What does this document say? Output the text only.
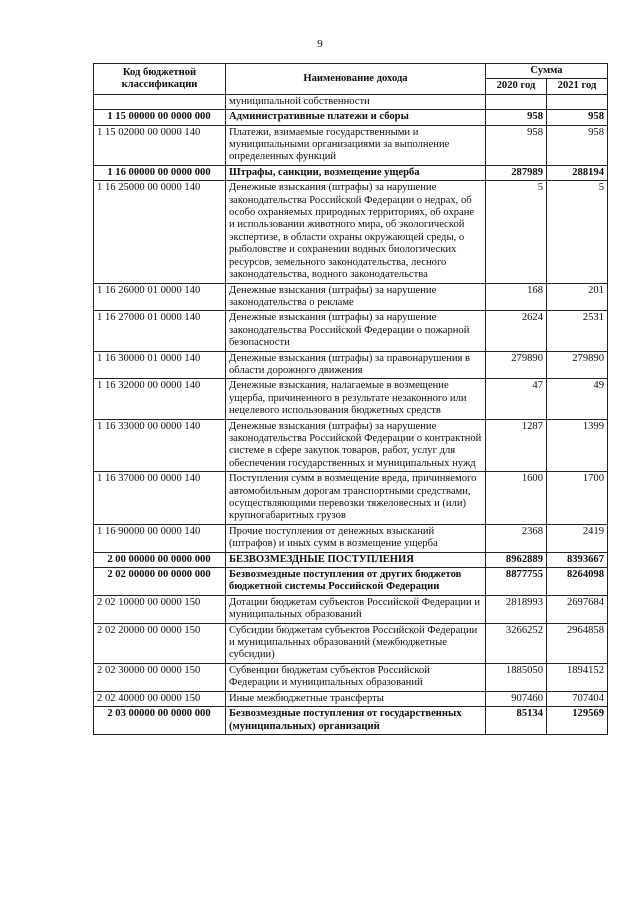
9
Код бюджетной классификации	Наименование дохода	Сумма	
		2020 год	2021 год
	муниципальной собственности		
1 15 00000 00 0000 000	Административные платежи и сборы	958	958
1 15 02000 00 0000 140	Платежи, взимаемые государственными и муниципальными организациями за выполнение определенных функций	958	958
1 16 00000 00 0000 000	Штрафы, санкции, возмещение ущерба	287989	288194
1 16 25000 00 0000 140	Денежные взыскания (штрафы) за нарушение законодательства Российской Федерации о недрах, об особо охраняемых природных территориях, об охране и использовании животного мира, об экологической экспертизе, в области охраны окружающей среды, о рыболовстве и сохранении водных биологических ресурсов, земельного законодательства, лесного законодательства, водного законодательства	5	5
1 16 26000 01 0000 140	Денежные взыскания (штрафы) за нарушение законодательства о рекламе	168	201
1 16 27000 01 0000 140	Денежные взыскания (штрафы) за нарушение законодательства Российской Федерации о пожарной безопасности	2624	2531
1 16 30000 01 0000 140	Денежные взыскания (штрафы) за правонарушения в области дорожного движения	279890	279890
1 16 32000 00 0000 140	Денежные взыскания, налагаемые в возмещение ущерба, причиненного в результате незаконного или нецелевого использования бюджетных средств	47	49
1 16 33000 00 0000 140	Денежные взыскания (штрафы) за нарушение законодательства Российской Федерации о контрактной системе в сфере закупок товаров, работ, услуг для обеспечения государственных и муниципальных нужд	1287	1399
1 16 37000 00 0000 140	Поступления сумм в возмещение вреда, причиняемого автомобильным дорогам транспортными средствами, осуществляющими перевозки тяжеловесных и (или) крупногабаритных грузов	1600	1700
1 16 90000 00 0000 140	Прочие поступления от денежных взысканий (штрафов) и иных сумм в возмещение ущерба	2368	2419
2 00 00000 00 0000 000	БЕЗВОЗМЕЗДНЫЕ ПОСТУПЛЕНИЯ	8962889	8393667
2 02 00000 00 0000 000	Безвозмездные поступления от других бюджетов бюджетной системы Российской Федерации	8877755	8264098
2 02 10000 00 0000 150	Дотации бюджетам субъектов Российской Федерации и муниципальных образований	2818993	2697684
2 02 20000 00 0000 150	Субсидии бюджетам субъектов Российской Федерации и муниципальных образований (межбюджетные субсидии)	3266252	2964858
2 02 30000 00 0000 150	Субвенции бюджетам субъектов Российской Федерации и муниципальных образований	1885050	1894152
2 02 40000 00 0000 150	Иные межбюджетные трансферты	907460	707404
2 03 00000 00 0000 000	Безвозмездные поступления от государственных (муниципальных) организаций	85134	129569
